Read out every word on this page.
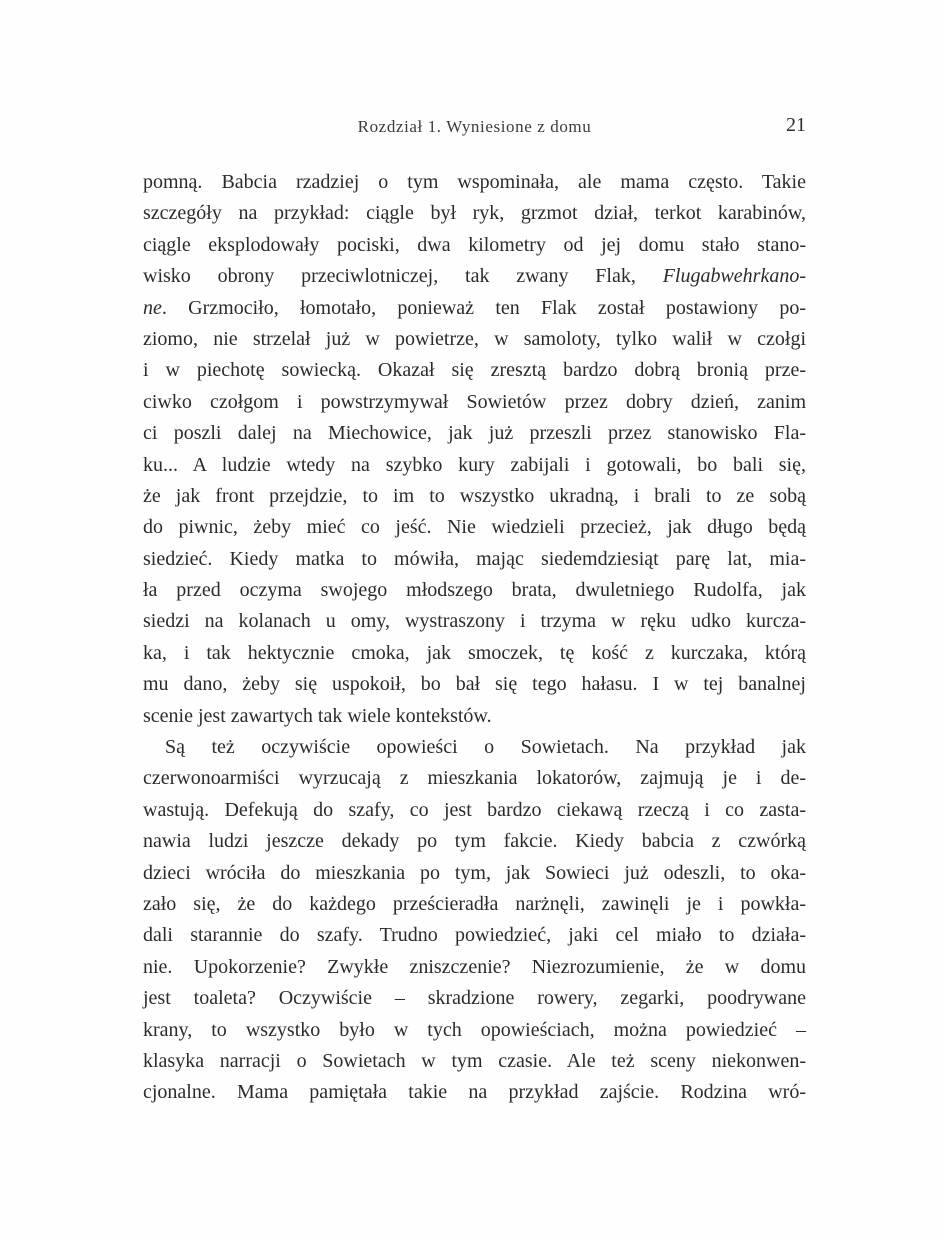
Rozdział 1. Wyniesione z domu	21
pomną. Babcia rzadziej o tym wspominała, ale mama często. Takie
szczegóły na przykład: ciągle był ryk, grzmot dział, terkot karabinów,
ciągle eksplodowały pociski, dwa kilometry od jej domu stało stano-
wisko obrony przeciwlotniczej, tak zwany Flak, Flugabwehrkano-
ne. Grzmociło, łomotało, ponieważ ten Flak został postawiony po-
ziomo, nie strzelał już w powietrze, w samoloty, tylko walił w czołgi
i w piechotę sowiecką. Okazał się zresztą bardzo dobrą bronią prze-
ciwko czołgom i powstrzymywał Sowietów przez dobry dzień, zanim
ci poszli dalej na Miechowice, jak już przeszli przez stanowisko Fla-
ku... A ludzie wtedy na szybko kury zabijali i gotowali, bo bali się,
że jak front przejdzie, to im to wszystko ukradną, i brali to ze sobą
do piwnic, żeby mieć co jeść. Nie wiedzieli przecież, jak długo będą
siedzieć. Kiedy matka to mówiła, mając siedemdziesiąt parę lat, mia-
ła przed oczyma swojego młodszego brata, dwuletniego Rudolfa, jak
siedzi na kolanach u omy, wystraszony i trzyma w ręku udko kurcza-
ka, i tak hektycznie cmoka, jak smoczek, tę kość z kurczaka, którą
mu dano, żeby się uspokoił, bo bał się tego hałasu. I w tej banalnej
scenie jest zawartych tak wiele kontekstów.
Są też oczywiście opowieści o Sowietach. Na przykład jak
czerwonoarmiści wyrzucają z mieszkania lokatorów, zajmują je i de-
wastują. Defekują do szafy, co jest bardzo ciekawą rzeczą i co zasta-
nawia ludzi jeszcze dekady po tym fakcie. Kiedy babcia z czwórką
dzieci wróciła do mieszkania po tym, jak Sowieci już odeszli, to oka-
zało się, że do każdego prześcieradła narżnęli, zawinęli je i powkła-
dali starannie do szafy. Trudno powiedzieć, jaki cel miało to działa-
nie. Upokorzenie? Zwykłe zniszczenie? Niezrozumienie, że w domu
jest toaleta? Oczywiście – skradzione rowery, zegarki, poodrywane
krany, to wszystko było w tych opowieściach, można powiedzieć –
klasyka narracji o Sowietach w tym czasie. Ale też sceny niekonwen-
cjonalne. Mama pamiętała takie na przykład zajście. Rodzina wró-
